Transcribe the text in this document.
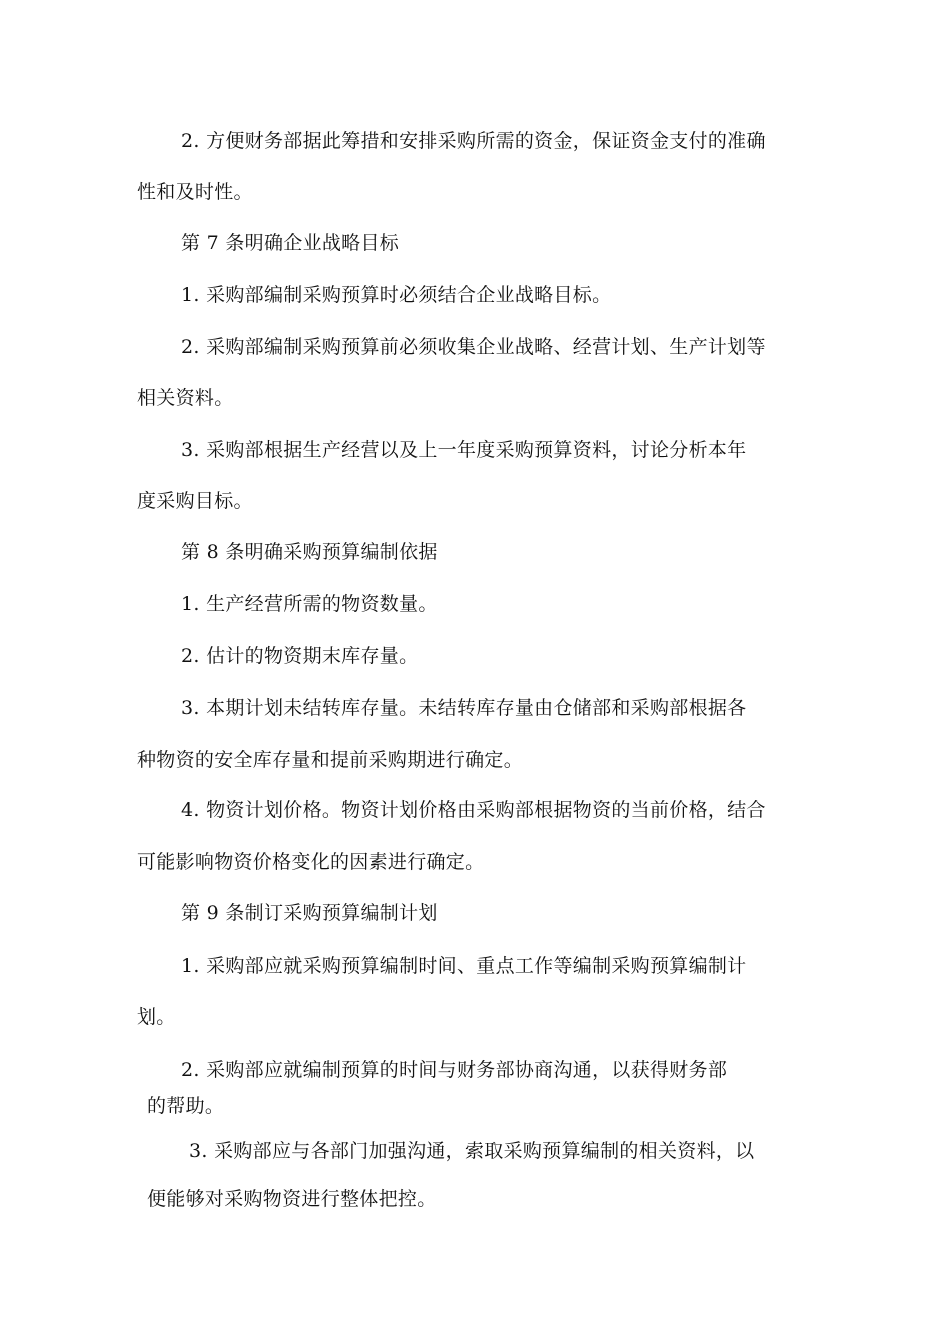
2. 方便财务部据此筹措和安排采购所需的资金，保证资金支付的准确
性和及时性。
第 7 条明确企业战略目标
1. 采购部编制采购预算时必须结合企业战略目标。
2. 采购部编制采购预算前必须收集企业战略、经营计划、生产计划等
相关资料。
3. 采购部根据生产经营以及上一年度采购预算资料，讨论分析本年
度采购目标。
第 8 条明确采购预算编制依据
1. 生产经营所需的物资数量。
2. 估计的物资期末库存量。
3. 本期计划未结转库存量。未结转库存量由仓储部和采购部根据各
种物资的安全库存量和提前采购期进行确定。
4. 物资计划价格。物资计划价格由采购部根据物资的当前价格，结合
可能影响物资价格变化的因素进行确定。
第 9 条制订采购预算编制计划
1. 采购部应就采购预算编制时间、重点工作等编制采购预算编制计
划。
2. 采购部应就编制预算的时间与财务部协商沟通，以获得财务部
的帮助。
3. 采购部应与各部门加强沟通，索取采购预算编制的相关资料，以
便能够对采购物资进行整体把控。
